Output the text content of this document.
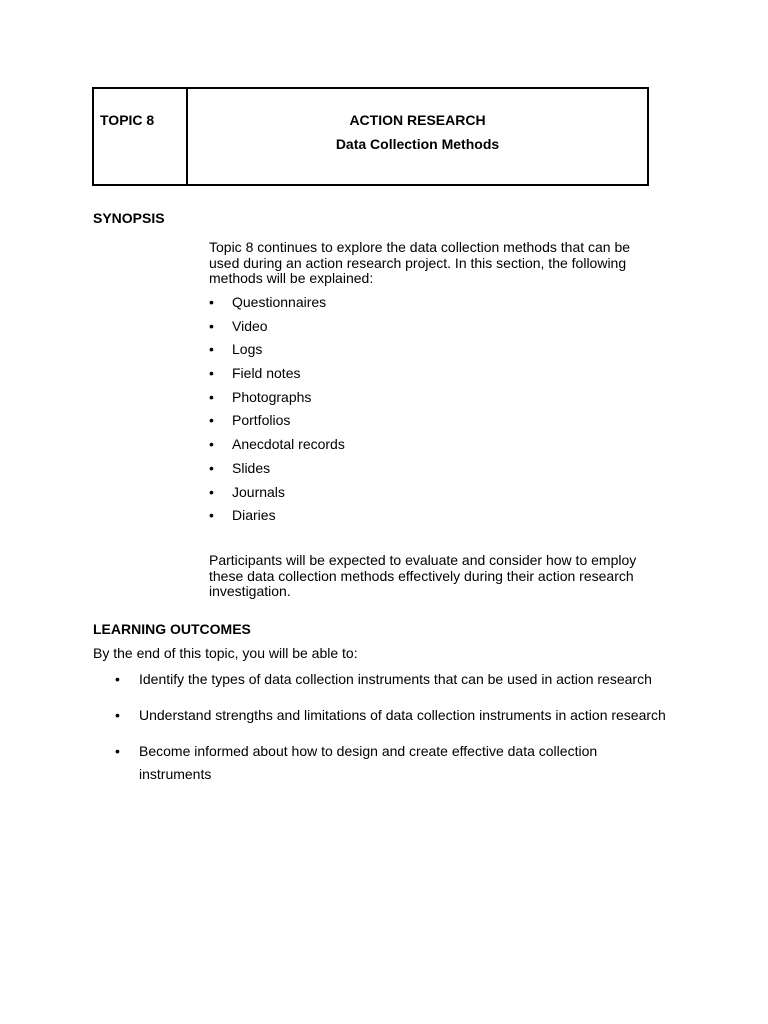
TOPIC 8	ACTION RESEARCH
Data Collection Methods
SYNOPSIS
Topic 8 continues to explore the data collection methods that can be used during an action research project. In this section, the following methods will be explained:
• Questionnaires
• Video
• Logs
• Field notes
• Photographs
• Portfolios
• Anecdotal records
• Slides
• Journals
• Diaries
Participants will be expected to evaluate and consider how to employ these data collection methods effectively during their action research investigation.
LEARNING OUTCOMES
By the end of this topic, you will be able to:
• Identify the types of data collection instruments that can be used in action research
• Understand strengths and limitations of data collection instruments in action research
• Become informed about how to design and create effective data collection instruments
